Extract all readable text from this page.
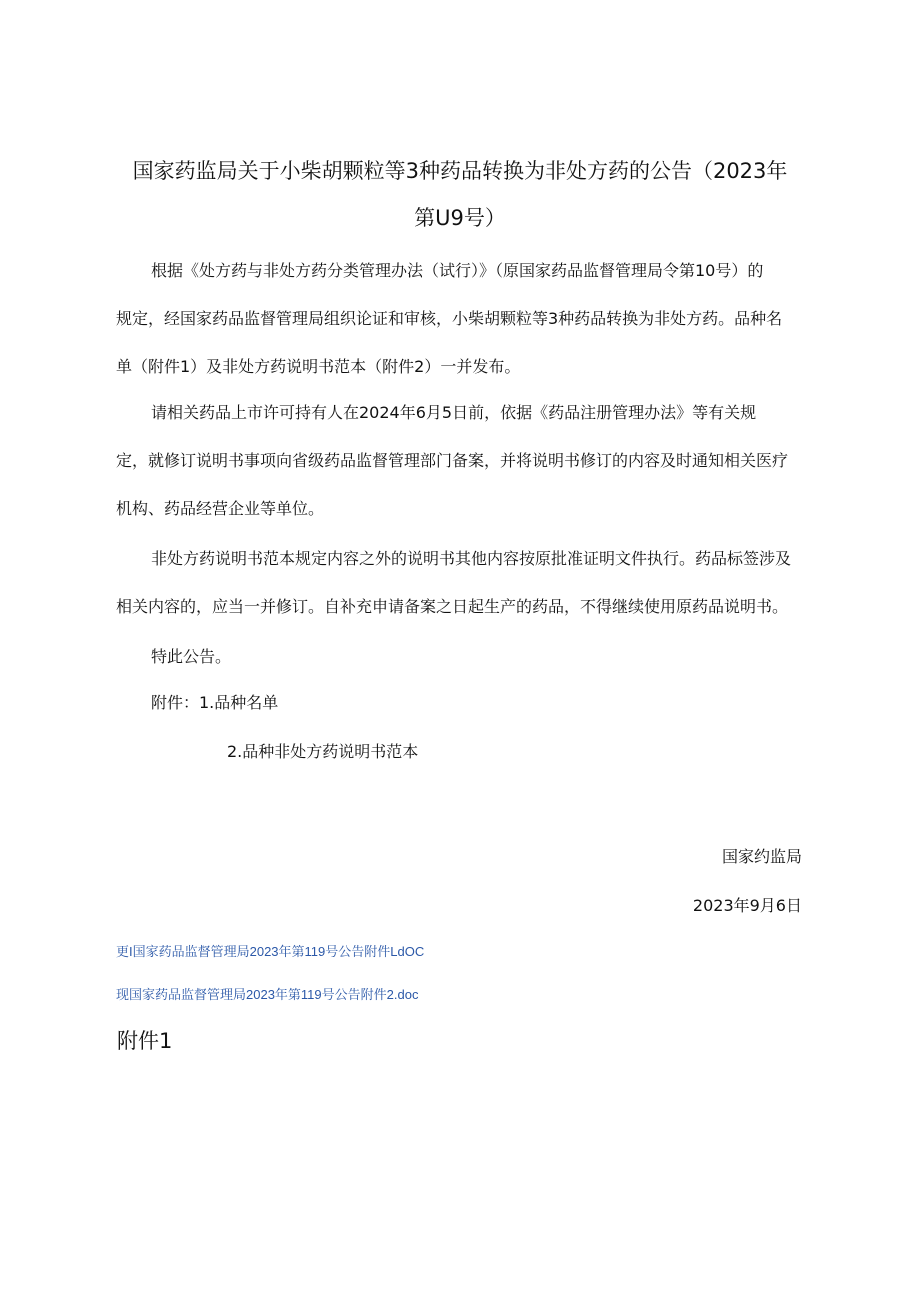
国家药监局关于小柴胡颗粒等3种药品转换为非处方药的公告（2023年
第U9号）
根据《处方药与非处方药分类管理办法（试行）》（原国家药品监督管理局令第10号）的
规定，经国家药品监督管理局组织论证和审核，小柴胡颗粒等3种药品转换为非处方药。品种名
单（附件1）及非处方药说明书范本（附件2）一并发布。
请相关药品上市许可持有人在2024年6月5日前，依据《药品注册管理办法》等有关规
定，就修订说明书事项向省级药品监督管理部门备案，并将说明书修订的内容及时通知相关医疗
机构、药品经营企业等单位。
非处方药说明书范本规定内容之外的说明书其他内容按原批准证明文件执行。药品标签涉及
相关内容的，应当一并修订。自补充申请备案之日起生产的药品，不得继续使用原药品说明书。
特此公告。
附件：1.品种名单
2.品种非处方药说明书范本
国家约监局
2023年9月6日
更I国家药品监督管理局2023年第119号公告附件LdOC
现国家药品监督管理局2023年第119号公告附件2.doc
附件1
